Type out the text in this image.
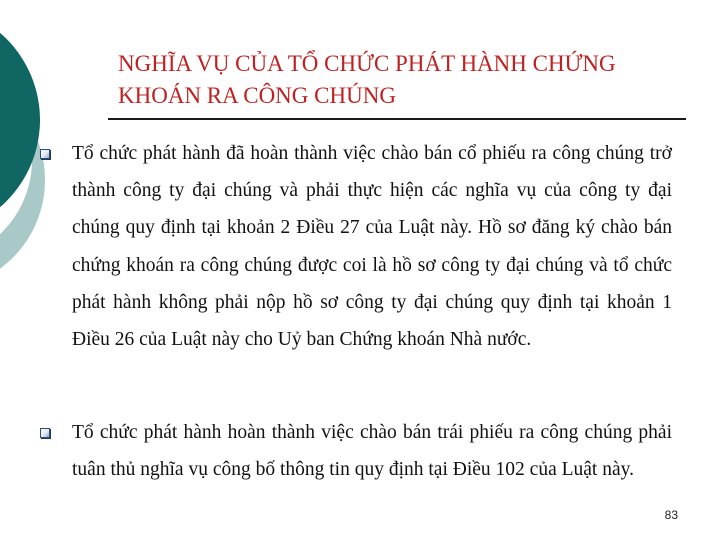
NGHĨA VỤ CỦA TỔ CHỨC PHÁT HÀNH CHỨNG KHOÁN RA CÔNG CHÚNG

Tổ chức phát hành đã hoàn thành việc chào bán cổ phiếu ra công chúng trở thành công ty đại chúng và phải thực hiện các nghĩa vụ của công ty đại chúng quy định tại khoản 2 Điều 27 của Luật này. Hồ sơ đăng ký chào bán chứng khoán ra công chúng được coi là hồ sơ công ty đại chúng và tổ chức phát hành không phải nộp hồ sơ công ty đại chúng quy định tại khoản 1 Điều 26 của Luật này cho Uỷ ban Chứng khoán Nhà nước.

Tổ chức phát hành hoàn thành việc chào bán trái phiếu ra công chúng phải tuân thủ nghĩa vụ công bố thông tin quy định tại Điều 102 của Luật này.

83
